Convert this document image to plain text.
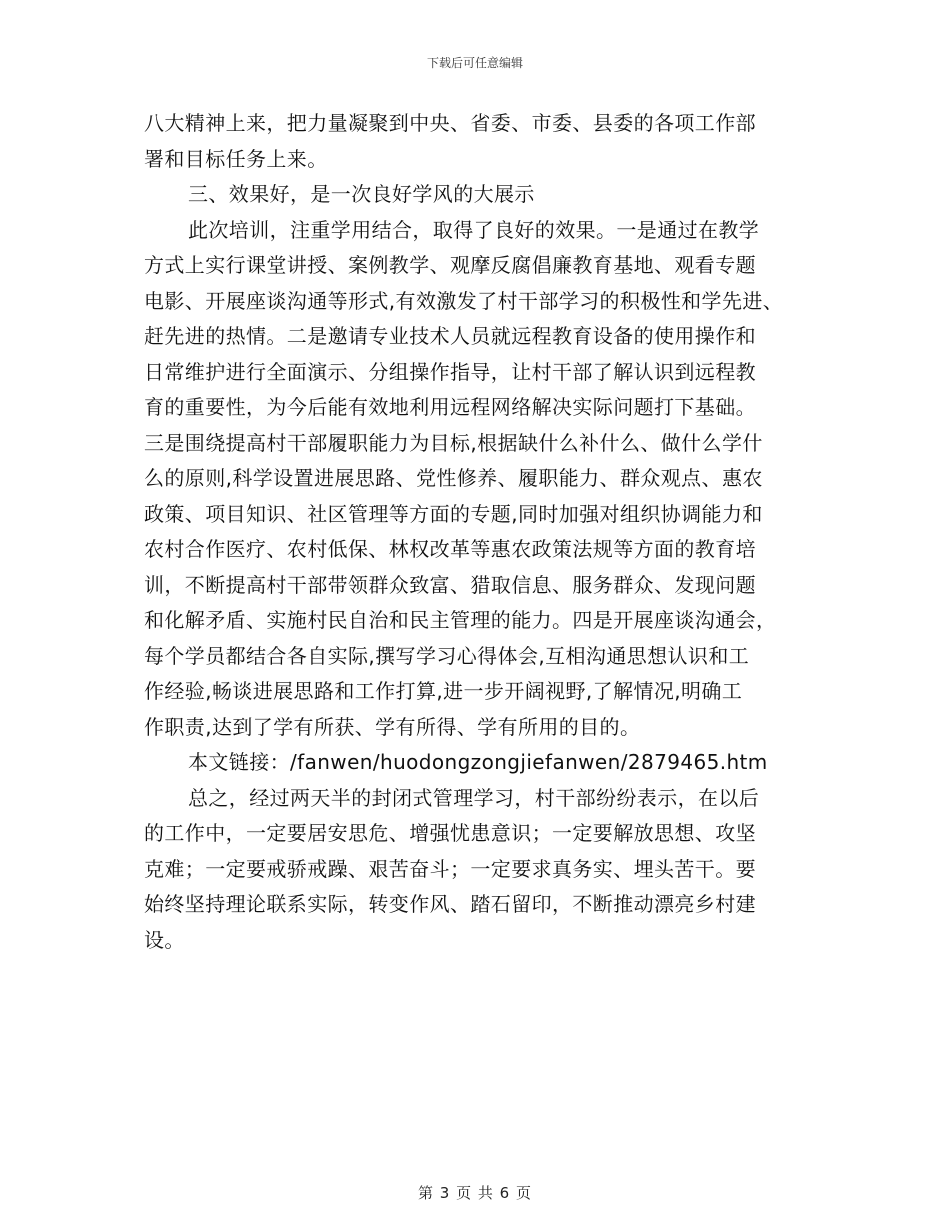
下载后可任意编辑
八大精神上来，把力量凝聚到中央、省委、市委、县委的各项工作部
署和目标任务上来。
三、效果好，是一次良好学风的大展示
此次培训，注重学用结合，取得了良好的效果。一是通过在教学
方式上实行课堂讲授、案例教学、观摩反腐倡廉教育基地、观看专题
电影、开展座谈沟通等形式,有效激发了村干部学习的积极性和学先进、
赶先进的热情。二是邀请专业技术人员就远程教育设备的使用操作和
日常维护进行全面演示、分组操作指导，让村干部了解认识到远程教
育的重要性，为今后能有效地利用远程网络解决实际问题打下基础。
三是围绕提高村干部履职能力为目标,根据缺什么补什么、做什么学什
么的原则,科学设置进展思路、党性修养、履职能力、群众观点、惠农
政策、项目知识、社区管理等方面的专题,同时加强对组织协调能力和
农村合作医疗、农村低保、林权改革等惠农政策法规等方面的教育培
训，不断提高村干部带领群众致富、猎取信息、服务群众、发现问题
和化解矛盾、实施村民自治和民主管理的能力。四是开展座谈沟通会，
每个学员都结合各自实际,撰写学习心得体会,互相沟通思想认识和工
作经验,畅谈进展思路和工作打算,进一步开阔视野,了解情况,明确工
作职责,达到了学有所获、学有所得、学有所用的目的。
本文链接：/fanwen/huodongzongjiefanwen/2879465.htm
总之，经过两天半的封闭式管理学习，村干部纷纷表示，在以后
的工作中，一定要居安思危、增强忧患意识；一定要解放思想、攻坚
克难；一定要戒骄戒躁、艰苦奋斗；一定要求真务实、埋头苦干。要
始终坚持理论联系实际，转变作风、踏石留印，不断推动漂亮乡村建
设。
第 3 页 共 6 页
